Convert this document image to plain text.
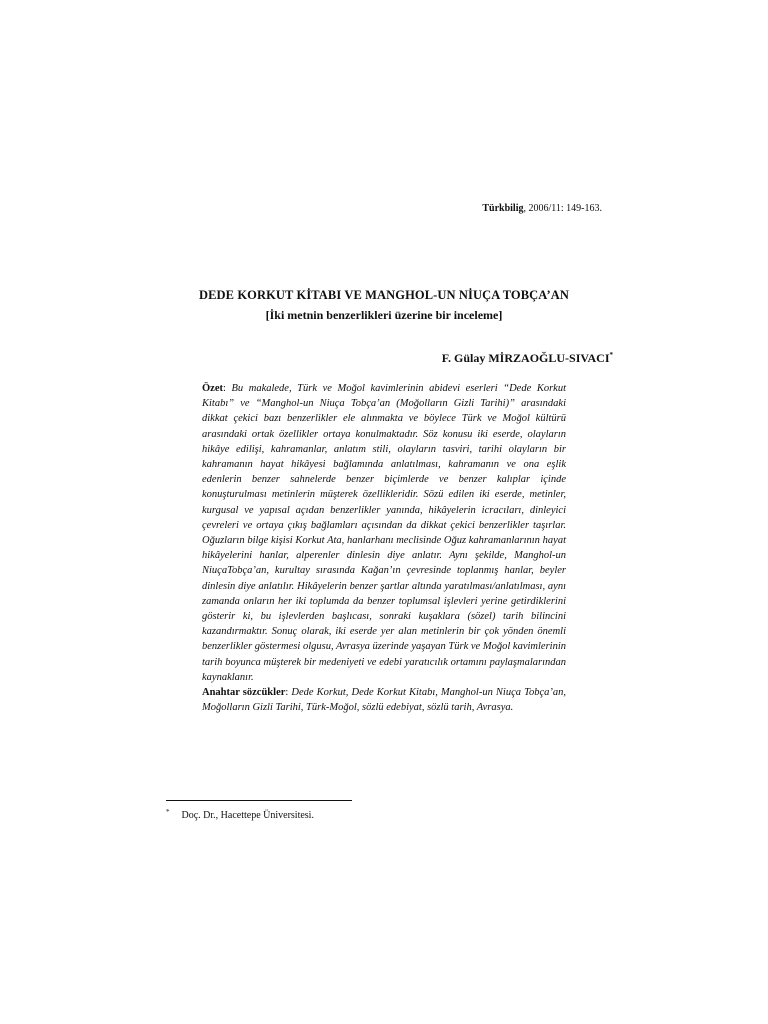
Türkbilig, 2006/11: 149-163.
DEDE KORKUT KİTABI VE MANGHOL-UN NİUÇA TOBÇA’AN
[İki metnin benzerlikleri üzerine bir inceleme]
F. Gülay MİRZAOĞLU-SIVACI*

Özet: Bu makalede, Türk ve Moğol kavimlerinin abidevi eserleri “Dede Korkut Kitabı” ve “Manghol-un Niuça Tobça’an (Moğolların Gizli Tarihi)” arasındaki dikkat çekici bazı benzerlikler ele alınmakta ve böylece Türk ve Moğol kültürü arasındaki ortak özellikler ortaya konulmaktadır. Söz konusu iki eserde, olayların hikâye edilişi, kahramanlar, anlatım stili, olayların tasviri, tarihi olayların bir kahramanın hayat hikâyesi bağlamında anlatılması, kahramanın ve ona eşlik edenlerin benzer sahnelerde benzer biçimlerde ve benzer kalıplar içinde konuşturulması metinlerin müşterek özellikleridir. Sözü edilen iki eserde, metinler, kurgusal ve yapısal açıdan benzerlikler yanında, hikâyelerin icracıları, dinleyici çevreleri ve ortaya çıkış bağlamları açısından da dikkat çekici benzerlikler taşırlar. Oğuzların bilge kişisi Korkut Ata, hanlarhanı meclisinde Oğuz kahramanlarının hayat hikâyelerini hanlar, alperenler dinlesin diye anlatır. Aynı şekilde, Manghol-un NiuçaTobça’an, kurultay sırasında Kağan’ın çevresinde toplanmış hanlar, beyler dinlesin diye anlatılır. Hikâyelerin benzer şartlar altında yaratılması/anlatılması, aynı zamanda onların her iki toplumda da benzer toplumsal işlevleri yerine getirdiklerini gösterir ki, bu işlevlerden başlıcası, sonraki kuşaklara (sözel) tarih bilincini kazandırmaktır. Sonuç olarak, iki eserde yer alan metinlerin bir çok yönden önemli benzerlikler göstermesi olgusu, Avrasya üzerinde yaşayan Türk ve Moğol kavimlerinin tarih boyunca müşterek bir medeniyeti ve edebi yaratıcılık ortamını paylaşmalarından kaynaklanır.

Anahtar sözcükler: Dede Korkut, Dede Korkut Kitabı, Manghol-un Niuça Tobça’an, Moğolların Gizli Tarihi, Türk-Moğol, sözlü edebiyat, sözlü tarih, Avrasya.

* Doç. Dr., Hacettepe Üniversitesi.
